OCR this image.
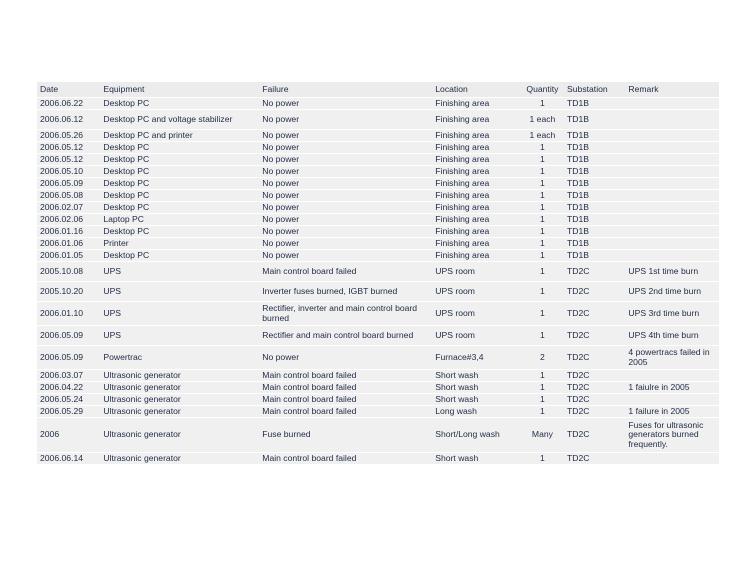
Date	Equipment	Failure	Location	Quantity	Substation	Remark
2006.06.22	Desktop PC	No power	Finishing area	1	TD1B	
2006.06.12	Desktop PC and voltage stabilizer	No power	Finishing area	1 each	TD1B	
2006.05.26	Desktop PC and printer	No power	Finishing area	1 each	TD1B	
2006.05.12	Desktop PC	No power	Finishing area	1	TD1B	
2006.05.12	Desktop PC	No power	Finishing area	1	TD1B	
2006.05.10	Desktop PC	No power	Finishing area	1	TD1B	
2006.05.09	Desktop PC	No power	Finishing area	1	TD1B	
2006.05.08	Desktop PC	No power	Finishing area	1	TD1B	
2006.02.07	Desktop PC	No power	Finishing area	1	TD1B	
2006.02.06	Laptop PC	No power	Finishing area	1	TD1B	
2006.01.16	Desktop PC	No power	Finishing area	1	TD1B	
2006.01.06	Printer	No power	Finishing area	1	TD1B	
2006.01.05	Desktop PC	No power	Finishing area	1	TD1B	
2005.10.08	UPS	Main control board failed	UPS room	1	TD2C	UPS 1st time burn
2005.10.20	UPS	Inverter fuses burned, IGBT burned	UPS room	1	TD2C	UPS 2nd time burn
2006.01.10	UPS	Rectifier, inverter and main control board burned	UPS room	1	TD2C	UPS 3rd time burn
2006.05.09	UPS	Rectifier and main control board burned	UPS room	1	TD2C	UPS 4th time burn
2006.05.09	Powertrac	No power	Furnace#3,4	2	TD2C	4 powertracs failed in 2005
2006.03.07	Ultrasonic generator	Main control board failed	Short wash	1	TD2C	
2006.04.22	Ultrasonic generator	Main control board failed	Short wash	1	TD2C	1 faiulre in 2005
2006.05.24	Ultrasonic generator	Main control board failed	Short wash	1	TD2C	
2006.05.29	Ultrasonic generator	Main control board failed	Long wash	1	TD2C	1 failure in 2005
2006	Ultrasonic generator	Fuse burned	Short/Long wash	Many	TD2C	Fuses for ultrasonic generators burned frequently.
2006.06.14	Ultrasonic generator	Main control board failed	Short wash	1	TD2C	
